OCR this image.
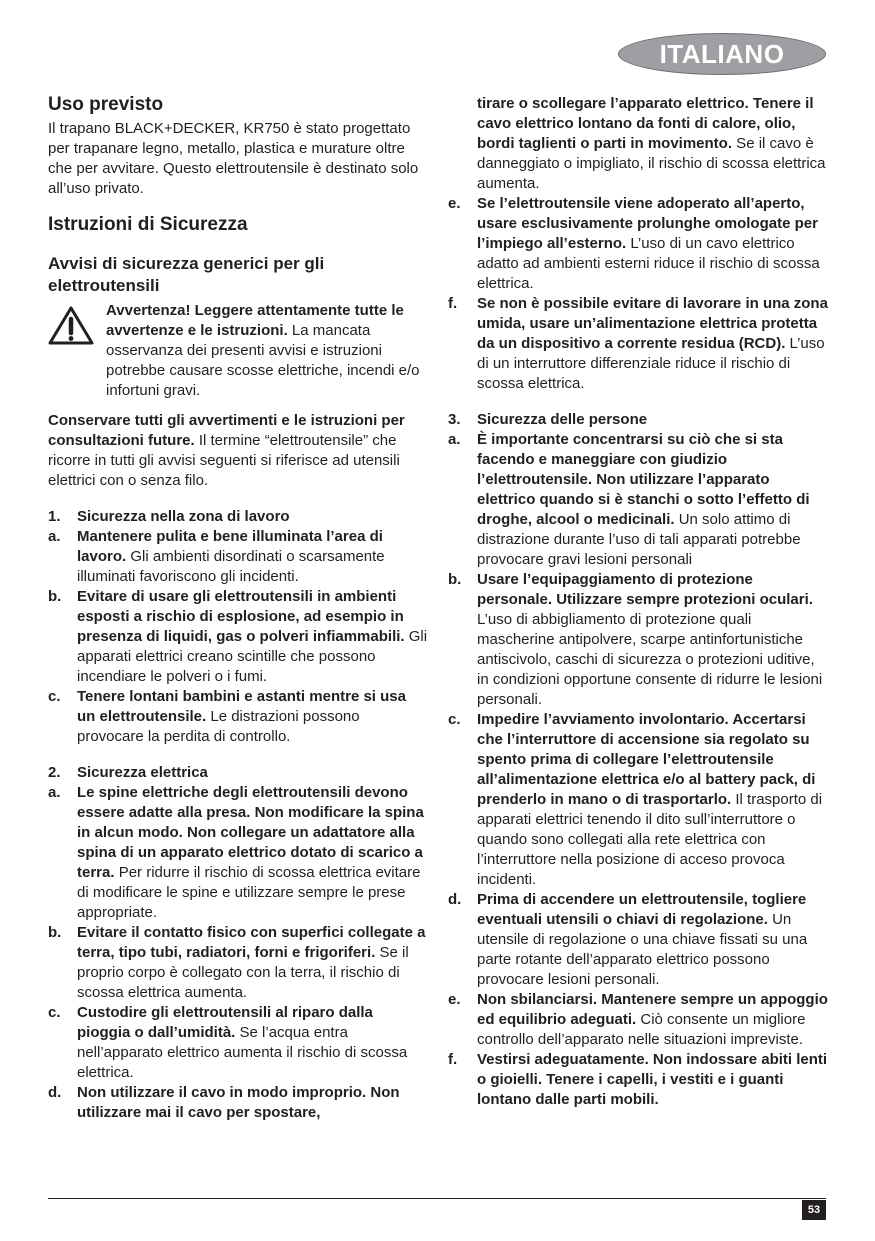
ITALIANO
Uso previsto

Il trapano BLACK+DECKER, KR750 è stato progettato per trapanare legno, metallo, plastica e murature oltre che per avvitare. Questo elettroutensile è destinato solo all’uso privato.

Istruzioni di Sicurezza
Avvisi di sicurezza generici per gli elettroutensili

Avvertenza! Leggere attentamente tutte le avvertenze e le istruzioni. La mancata osservanza dei presenti avvisi e istruzioni potrebbe causare scosse elettriche, incendi e/o infortuni gravi.

Conservare tutti gli avvertimenti e le istruzioni per consultazioni future. Il termine “elettroutensile” che ricorre in tutti gli avvisi seguenti si riferisce ad utensili elettrici con o senza filo.

1.	Sicurezza nella zona di lavoro
a.	Mantenere pulita e bene illuminata l’area di lavoro. Gli ambienti disordinati o scarsamente illuminati favoriscono gli incidenti.

b.	Evitare di usare gli elettroutensili in ambienti esposti a rischio di esplosione, ad esempio in presenza di liquidi, gas o polveri infiammabili. Gli apparati elettrici creano scintille che possono incendiare le polveri o i fumi.

c.	Tenere lontani bambini e astanti mentre si usa un elettroutensile. Le distrazioni possono provocare la perdita di controllo.

2.	Sicurezza elettrica
a.	Le spine elettriche degli elettroutensili devono essere adatte alla presa. Non modificare la spina in alcun modo. Non collegare un adattatore alla spina di un apparato elettrico dotato di scarico a terra. Per ridurre il rischio di scossa elettrica evitare di modificare le spine e utilizzare sempre le prese appropriate.

b.	Evitare il contatto fisico con superfici collegate a terra, tipo tubi, radiatori, forni e frigoriferi. Se il proprio corpo è collegato con la terra, il rischio di scossa elettrica aumenta.

c.	Custodire gli elettroutensili al riparo dalla pioggia o dall’umidità. Se l’acqua entra nell’apparato elettrico aumenta il rischio di scossa elettrica.

d.	Non utilizzare il cavo in modo improprio. Non utilizzare mai il cavo per spostare,

tirare o scollegare l’apparato elettrico. Tenere il cavo elettrico lontano da fonti di calore, olio, bordi taglienti o parti in movimento. Se il cavo è danneggiato o impigliato, il rischio di scossa elettrica aumenta.

e.	Se l’elettroutensile viene adoperato all’aperto, usare esclusivamente prolunghe omologate per l’impiego all’esterno. L’uso di un cavo elettrico adatto ad ambienti esterni riduce il rischio di scossa elettrica.

f.	Se non è possibile evitare di lavorare in una zona umida, usare un’alimentazione elettrica protetta da un dispositivo a corrente residua (RCD). L’uso di un interruttore differenziale riduce il rischio di scossa elettrica.

3.	Sicurezza delle persone
a.	È importante concentrarsi su ciò che si sta facendo e maneggiare con giudizio l’elettroutensile. Non utilizzare l’apparato elettrico quando si è stanchi o sotto l’effetto di droghe, alcool o medicinali. Un solo attimo di distrazione durante l’uso di tali apparati potrebbe provocare gravi lesioni personali

b.	Usare l’equipaggiamento di protezione personale. Utilizzare sempre protezioni oculari. L’uso di abbigliamento di protezione quali mascherine antipolvere, scarpe antinfortunistiche antiscivolo, caschi di sicurezza o protezioni uditive, in condizioni opportune consente di ridurre le lesioni personali.

c.	Impedire l’avviamento involontario. Accertarsi che l’interruttore di accensione sia regolato su spento prima di collegare l’elettroutensile all’alimentazione elettrica e/o al battery pack, di prenderlo in mano o di trasportarlo. Il trasporto di apparati elettrici tenendo il dito sull’interruttore o quando sono collegati alla rete elettrica con l’interruttore nella posizione di acceso provoca incidenti.

d.	Prima di accendere un elettroutensile, togliere eventuali utensili o chiavi di regolazione. Un utensile di regolazione o una chiave fissati su una parte rotante dell’apparato elettrico possono provocare lesioni personali.

e.	Non sbilanciarsi. Mantenere sempre un appoggio ed equilibrio adeguati. Ciò consente un migliore controllo dell’apparato nelle situazioni impreviste.

f.	Vestirsi adeguatamente. Non indossare abiti lenti o gioielli. Tenere i capelli, i vestiti e i guanti lontano dalle parti mobili.

53
